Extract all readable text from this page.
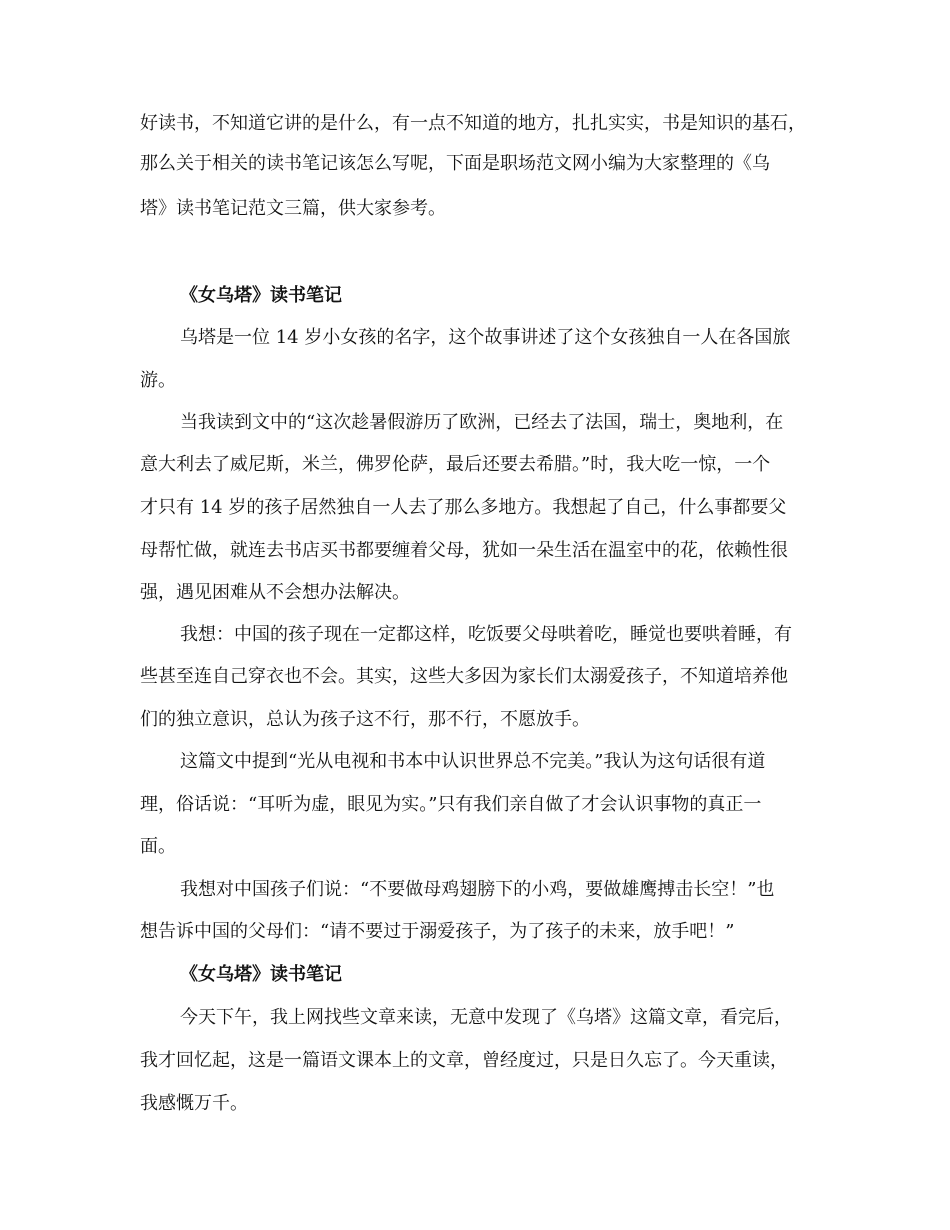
好读书，不知道它讲的是什么，有一点不知道的地方，扎扎实实，书是知识的基石，
那么关于相关的读书笔记该怎么写呢，下面是职场范文网小编为大家整理的《乌
塔》读书笔记范文三篇，供大家参考。
《女乌塔》读书笔记
乌塔是一位 14 岁小女孩的名字，这个故事讲述了这个女孩独自一人在各国旅
游。
当我读到文中的“这次趁暑假游历了欧洲，已经去了法国，瑞士，奥地利，在
意大利去了威尼斯，米兰，佛罗伦萨，最后还要去希腊。”时，我大吃一惊，一个
才只有 14 岁的孩子居然独自一人去了那么多地方。我想起了自己，什么事都要父
母帮忙做，就连去书店买书都要缠着父母，犹如一朵生活在温室中的花，依赖性很
强，遇见困难从不会想办法解决。
我想：中国的孩子现在一定都这样，吃饭要父母哄着吃，睡觉也要哄着睡，有
些甚至连自己穿衣也不会。其实，这些大多因为家长们太溺爱孩子，不知道培养他
们的独立意识，总认为孩子这不行，那不行，不愿放手。
这篇文中提到“光从电视和书本中认识世界总不完美。”我认为这句话很有道
理，俗话说：“耳听为虚，眼见为实。”只有我们亲自做了才会认识事物的真正一
面。
我想对中国孩子们说：“不要做母鸡翅膀下的小鸡，要做雄鹰搏击长空！”也
想告诉中国的父母们：“请不要过于溺爱孩子，为了孩子的未来，放手吧！”
《女乌塔》读书笔记
今天下午，我上网找些文章来读，无意中发现了《乌塔》这篇文章，看完后，
我才回忆起，这是一篇语文课本上的文章，曾经度过，只是日久忘了。今天重读，
我感慨万千。
